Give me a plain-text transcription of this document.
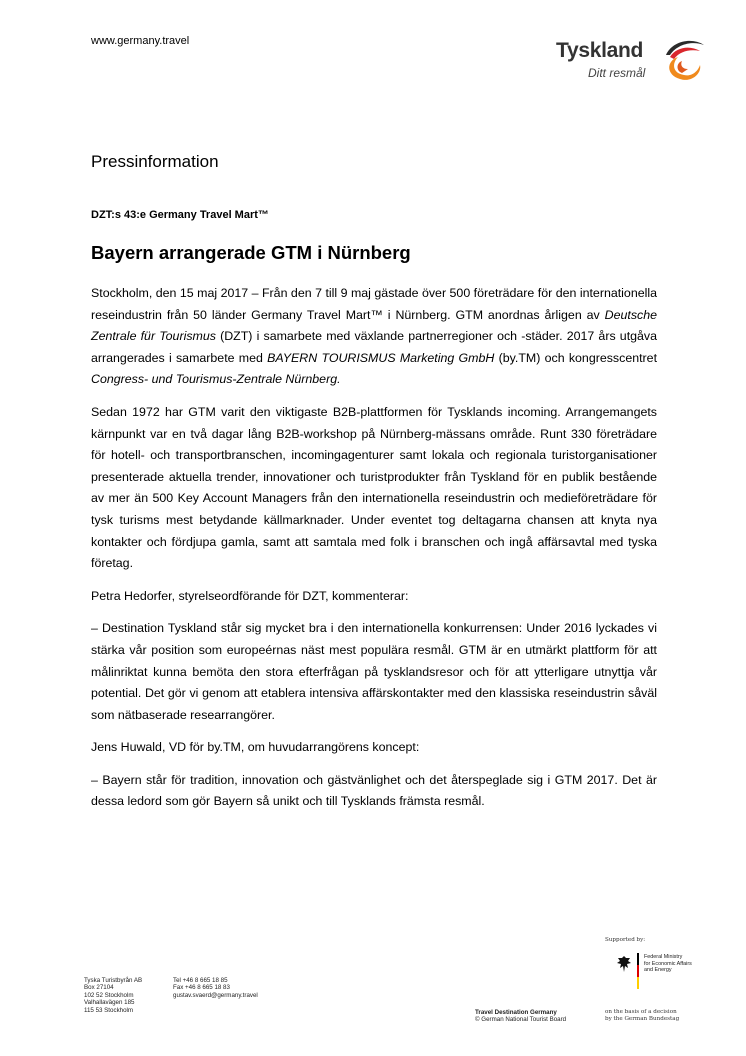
www.germany.travel	Tyskland
Ditt resmål
Pressinformation
DZT:s 43:e Germany Travel Mart™
Bayern arrangerade GTM i Nürnberg

Stockholm, den 15 maj 2017 – Från den 7 till 9 maj gästade över 500 företrädare för den internationella reseindustrin från 50 länder Germany Travel Mart™ i Nürnberg. GTM anordnas årligen av Deutsche Zentrale für Tourismus (DZT) i samarbete med växlande partnerregioner och -städer. 2017 års utgåva arrangerades i samarbete med BAYERN TOURISMUS Marketing GmbH (by.TM) och kongresscentret Congress- und Tourismus-Zentrale Nürnberg.

Sedan 1972 har GTM varit den viktigaste B2B-plattformen för Tysklands incoming. Arrangemangets kärnpunkt var en två dagar lång B2B-workshop på Nürnberg-mässans område. Runt 330 företrädare för hotell- och transportbranschen, incomingagenturer samt lokala och regionala turistorganisationer presenterade aktuella trender, innovationer och turistprodukter från Tyskland för en publik bestående av mer än 500 Key Account Managers från den internationella reseindustrin och medieföreträdare för tysk turisms mest betydande källmarknader. Under eventet tog deltagarna chansen att knyta nya kontakter och fördjupa gamla, samt att samtala med folk i branschen och ingå affärsavtal med tyska företag.

Petra Hedorfer, styrelseordförande för DZT, kommenterar:

– Destination Tyskland står sig mycket bra i den internationella konkurrensen: Under 2016 lyckades vi stärka vår position som europeérnas näst mest populära resmål. GTM är en utmärkt plattform för att målinriktat kunna bemöta den stora efterfrågan på tysklandsresor och för att ytterligare utnyttja vår potential. Det gör vi genom att etablera intensiva affärskontakter med den klassiska reseindustrin såväl som nätbaserade researrangörer.

Jens Huwald, VD för by.TM, om huvudarrangörens koncept:

– Bayern står för tradition, innovation och gästvänlighet och det återspeglade sig i GTM 2017. Det är dessa ledord som gör Bayern så unikt och till Tysklands främsta resmål.

Tyska Turistbyrån AB
Box 27104
102 52 Stockholm
Valhallavägen 185
115 53 Stockholm
Tel +46 8 665 18 85
Fax +46 8 665 18 83
gustav.svaerd@germany.travel
Travel Destination Germany
© German National Tourist Board
Supported by:
Federal Ministry
for Economic Affairs
and Energy
on the basis of a decision
by the German Bundestag
